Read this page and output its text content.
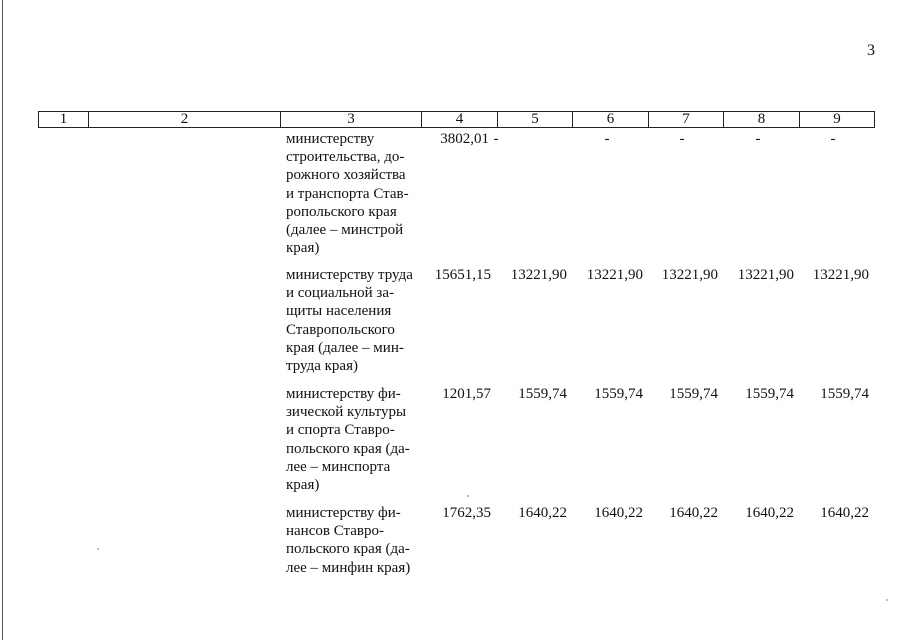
3
1	2	3	4	5	6	7	8	9
министерству
строительства, до-
рожного хозяйства
и транспорта Став-
ропольского края
(далее – минстрой
края)
3802,01 -	-	-	-	-
министерству труда
и социальной за-
щиты населения
Ставропольского
края (далее – мин-
труда края)
15651,15	13221,90	13221,90	13221,90	13221,90	13221,90
министерству фи-
зической культуры
и спорта Ставро-
польского края (да-
лее – минспорта
края)
1201,57	1559,74	1559,74	1559,74	1559,74	1559,74
министерству фи-
нансов Ставро-
польского края (да-
лее – минфин края)
1762,35	1640,22	1640,22	1640,22	1640,22	1640,22
